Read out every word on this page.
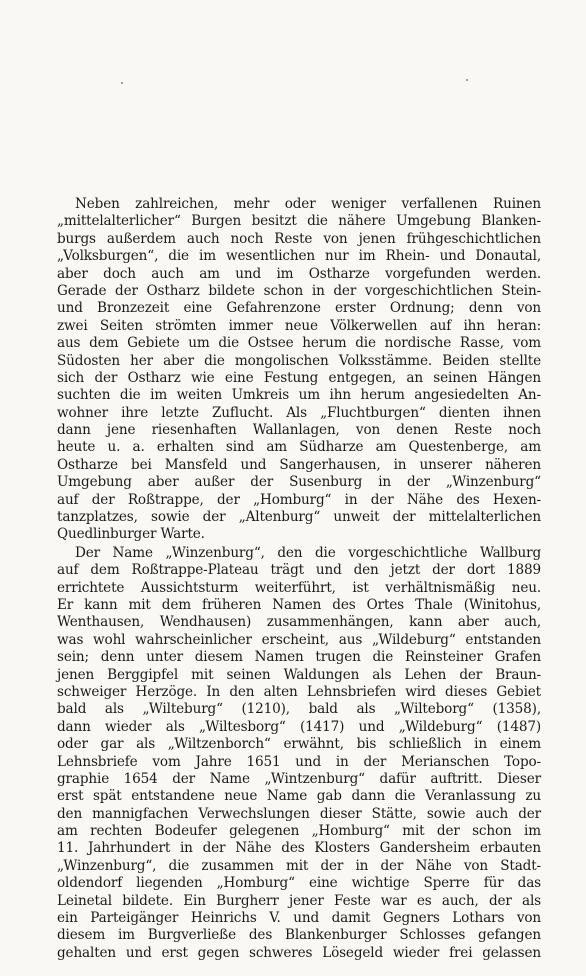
Neben zahlreichen, mehr oder weniger verfallenen Ruinen
„mittelalterlicher“ Burgen besitzt die nähere Umgebung Blanken-
burgs außerdem auch noch Reste von jenen frühgeschichtlichen
„Volksburgen“, die im wesentlichen nur im Rhein- und Donautal,
aber doch auch am und im Ostharze vorgefunden werden.
Gerade der Ostharz bildete schon in der vorgeschichtlichen Stein-
und Bronzezeit eine Gefahrenzone erster Ordnung; denn von
zwei Seiten strömten immer neue Völkerwellen auf ihn heran:
aus dem Gebiete um die Ostsee herum die nordische Rasse, vom
Südosten her aber die mongolischen Volksstämme. Beiden stellte
sich der Ostharz wie eine Festung entgegen, an seinen Hängen
suchten die im weiten Umkreis um ihn herum angesiedelten An-
wohner ihre letzte Zuflucht. Als „Fluchtburgen“ dienten ihnen
dann jene riesenhaften Wallanlagen, von denen Reste noch
heute u. a. erhalten sind am Südharze am Questenberge, am
Ostharze bei Mansfeld und Sangerhausen, in unserer näheren
Umgebung aber außer der Susenburg in der „Winzenburg“
auf der Roßtrappe, der „Homburg“ in der Nähe des Hexen-
tanzplatzes, sowie der „Altenburg“ unweit der mittelalterlichen
Quedlinburger Warte.

Der Name „Winzenburg“, den die vorgeschichtliche Wallburg
auf dem Roßtrappe-Plateau trägt und den jetzt der dort 1889
errichtete Aussichtsturm weiterführt, ist verhältnismäßig neu.
Er kann mit dem früheren Namen des Ortes Thale (Winitohus,
Wenthausen, Wendhausen) zusammenhängen, kann aber auch,
was wohl wahrscheinlicher erscheint, aus „Wildeburg“ entstanden
sein; denn unter diesem Namen trugen die Reinsteiner Grafen
jenen Berggipfel mit seinen Waldungen als Lehen der Braun-
schweiger Herzöge. In den alten Lehnsbriefen wird dieses Gebiet
bald als „Wilteburg“ (1210), bald als „Wilteborg“ (1358),
dann wieder als „Wiltesborg“ (1417) und „Wildeburg“ (1487)
oder gar als „Wiltzenborch“ erwähnt, bis schließlich in einem
Lehnsbriefe vom Jahre 1651 und in der Merianschen Topo-
graphie 1654 der Name „Wintzenburg“ dafür auftritt. Dieser
erst spät entstandene neue Name gab dann die Veranlassung zu
den mannigfachen Verwechslungen dieser Stätte, sowie auch der
am rechten Bodeufer gelegenen „Homburg“ mit der schon im
11. Jahrhundert in der Nähe des Klosters Gandersheim erbauten
„Winzenburg“, die zusammen mit der in der Nähe von Stadt-
oldendorf liegenden „Homburg“ eine wichtige Sperre für das
Leinetal bildete. Ein Burgherr jener Feste war es auch, der als
ein Parteigänger Heinrichs V. und damit Gegners Lothars von
diesem im Burgverließe des Blankenburger Schlosses gefangen
gehalten und erst gegen schweres Lösegeld wieder frei gelassen
